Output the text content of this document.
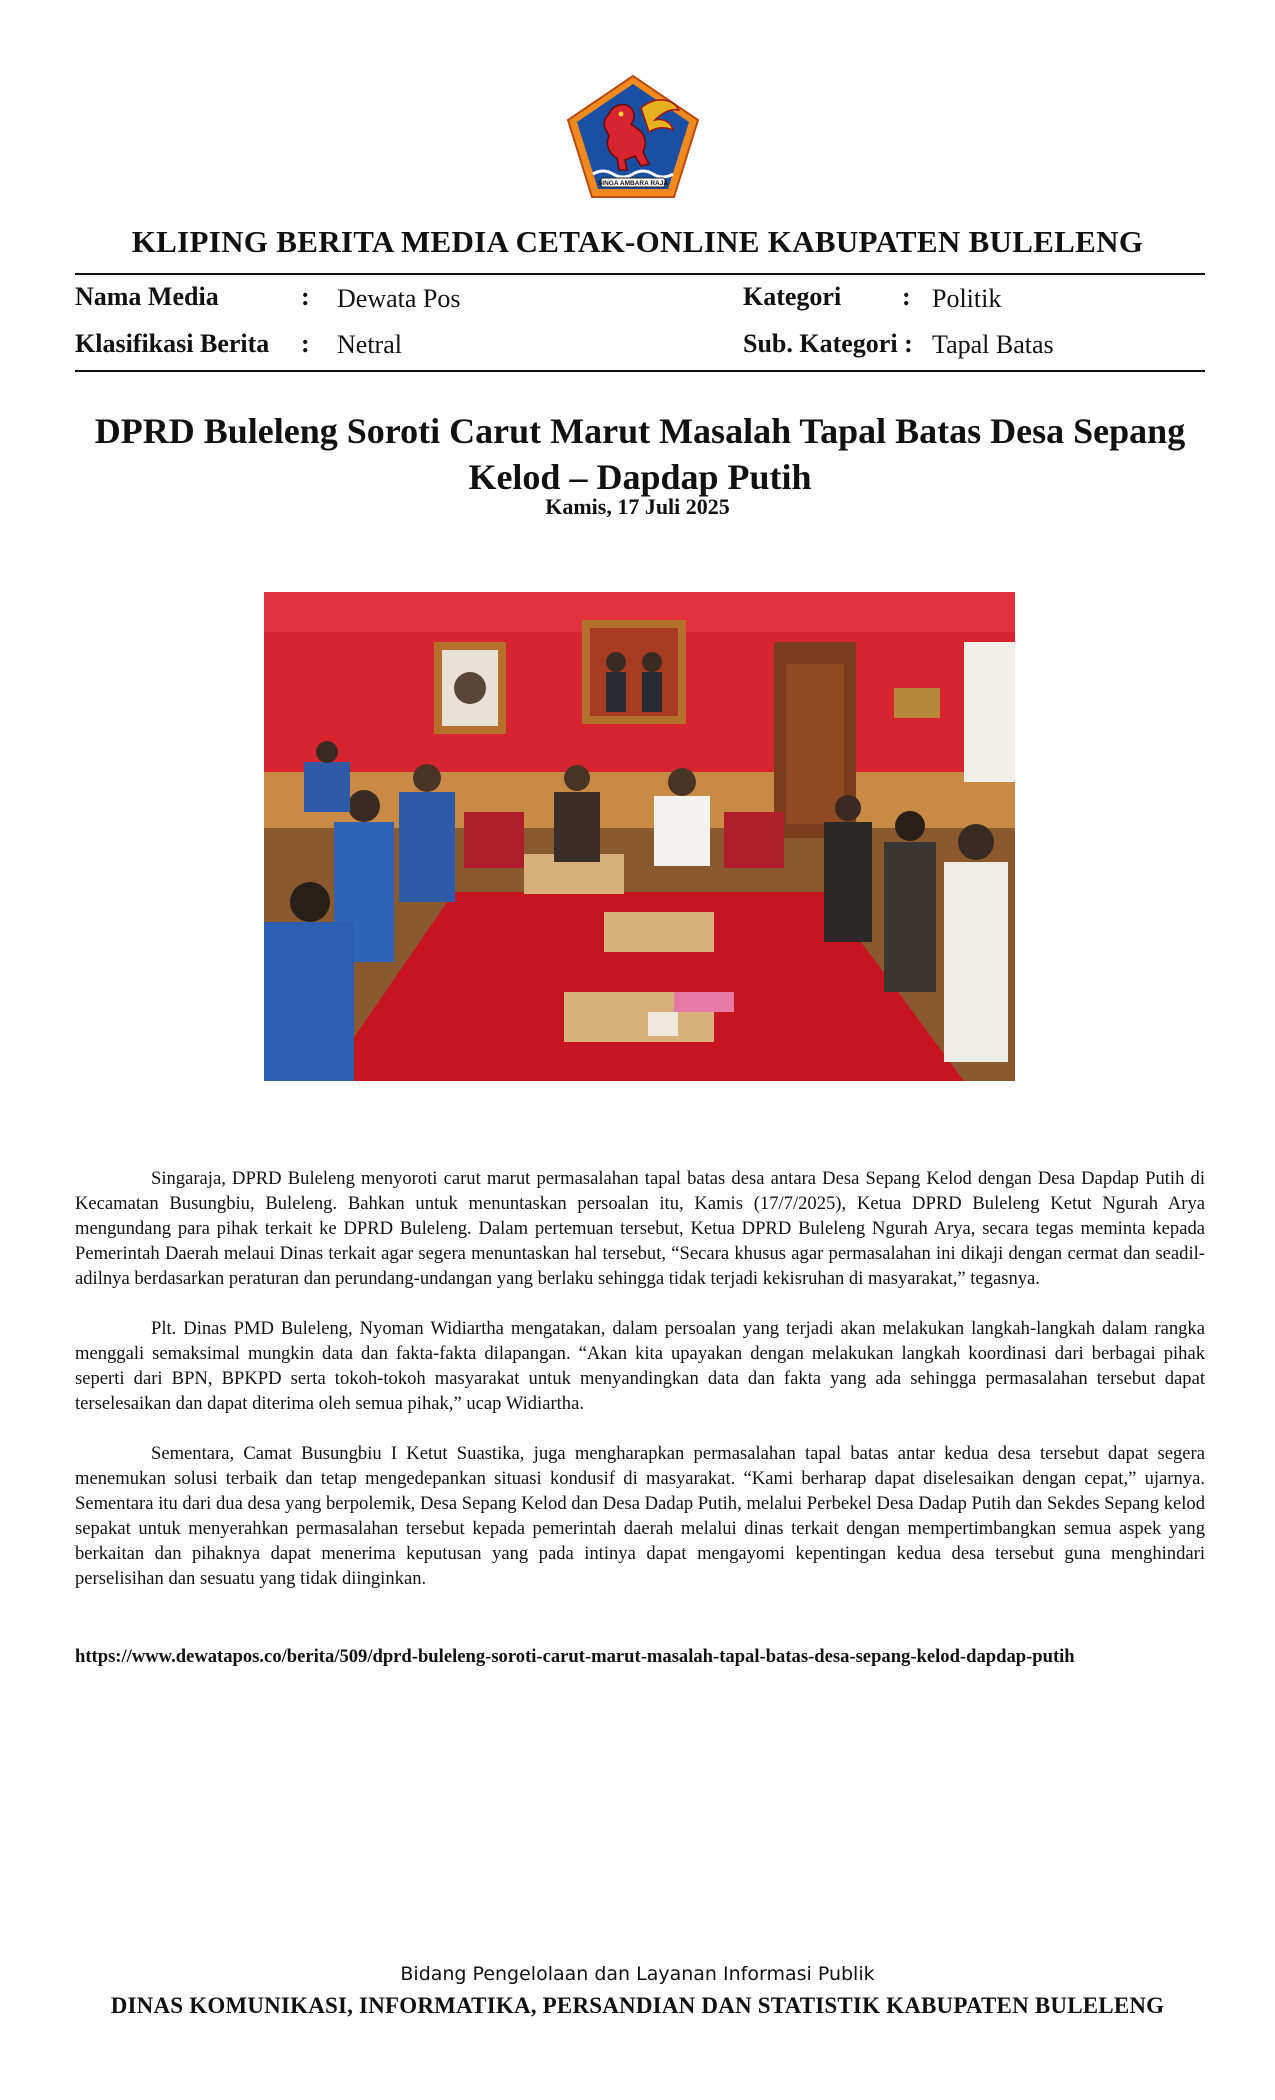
SINGA AMBARA RAJA
KLIPING BERITA MEDIA CETAK-ONLINE KABUPATEN BULELENG
Nama Media	: Dewata Pos	Kategori : Politik
Klasifikasi Berita : Netral	Sub. Kategori : Tapal Batas
DPRD Buleleng Soroti Carut Marut Masalah Tapal Batas Desa Sepang Kelod – Dapdap Putih
Kamis, 17 Juli 2025

Singaraja, DPRD Buleleng menyoroti carut marut permasalahan tapal batas desa antara Desa Sepang Kelod dengan Desa Dapdap Putih di Kecamatan Busungbiu, Buleleng. Bahkan untuk menuntaskan persoalan itu, Kamis (17/7/2025), Ketua DPRD Buleleng Ketut Ngurah Arya mengundang para pihak terkait ke DPRD Buleleng. Dalam pertemuan tersebut, Ketua DPRD Buleleng Ngurah Arya, secara tegas meminta kepada Pemerintah Daerah melaui Dinas terkait agar segera menuntaskan hal tersebut, “Secara khusus agar permasalahan ini dikaji dengan cermat dan seadil-adilnya berdasarkan peraturan dan perundang-undangan yang berlaku sehingga tidak terjadi kekisruhan di masyarakat,” tegasnya.

Plt. Dinas PMD Buleleng, Nyoman Widiartha mengatakan, dalam persoalan yang terjadi akan melakukan langkah-langkah dalam rangka menggali semaksimal mungkin data dan fakta-fakta dilapangan. “Akan kita upayakan dengan melakukan langkah koordinasi dari berbagai pihak seperti dari BPN, BPKPD serta tokoh-tokoh masyarakat untuk menyandingkan data dan fakta yang ada sehingga permasalahan tersebut dapat terselesaikan dan dapat diterima oleh semua pihak,” ucap Widiartha.

Sementara, Camat Busungbiu I Ketut Suastika, juga mengharapkan permasalahan tapal batas antar kedua desa tersebut dapat segera menemukan solusi terbaik dan tetap mengedepankan situasi kondusif di masyarakat. “Kami berharap dapat diselesaikan dengan cepat,” ujarnya. Sementara itu dari dua desa yang berpolemik, Desa Sepang Kelod dan Desa Dadap Putih, melalui Perbekel Desa Dadap Putih dan Sekdes Sepang kelod sepakat untuk menyerahkan permasalahan tersebut kepada pemerintah daerah melalui dinas terkait dengan mempertimbangkan semua aspek yang berkaitan dan pihaknya dapat menerima keputusan yang pada intinya dapat mengayomi kepentingan kedua desa tersebut guna menghindari perselisihan dan sesuatu yang tidak diinginkan.

https://www.dewatapos.co/berita/509/dprd-buleleng-soroti-carut-marut-masalah-tapal-batas-desa-sepang-kelod-dapdap-putih
Bidang Pengelolaan dan Layanan Informasi Publik
DINAS KOMUNIKASI, INFORMATIKA, PERSANDIAN DAN STATISTIK KABUPATEN BULELENG
